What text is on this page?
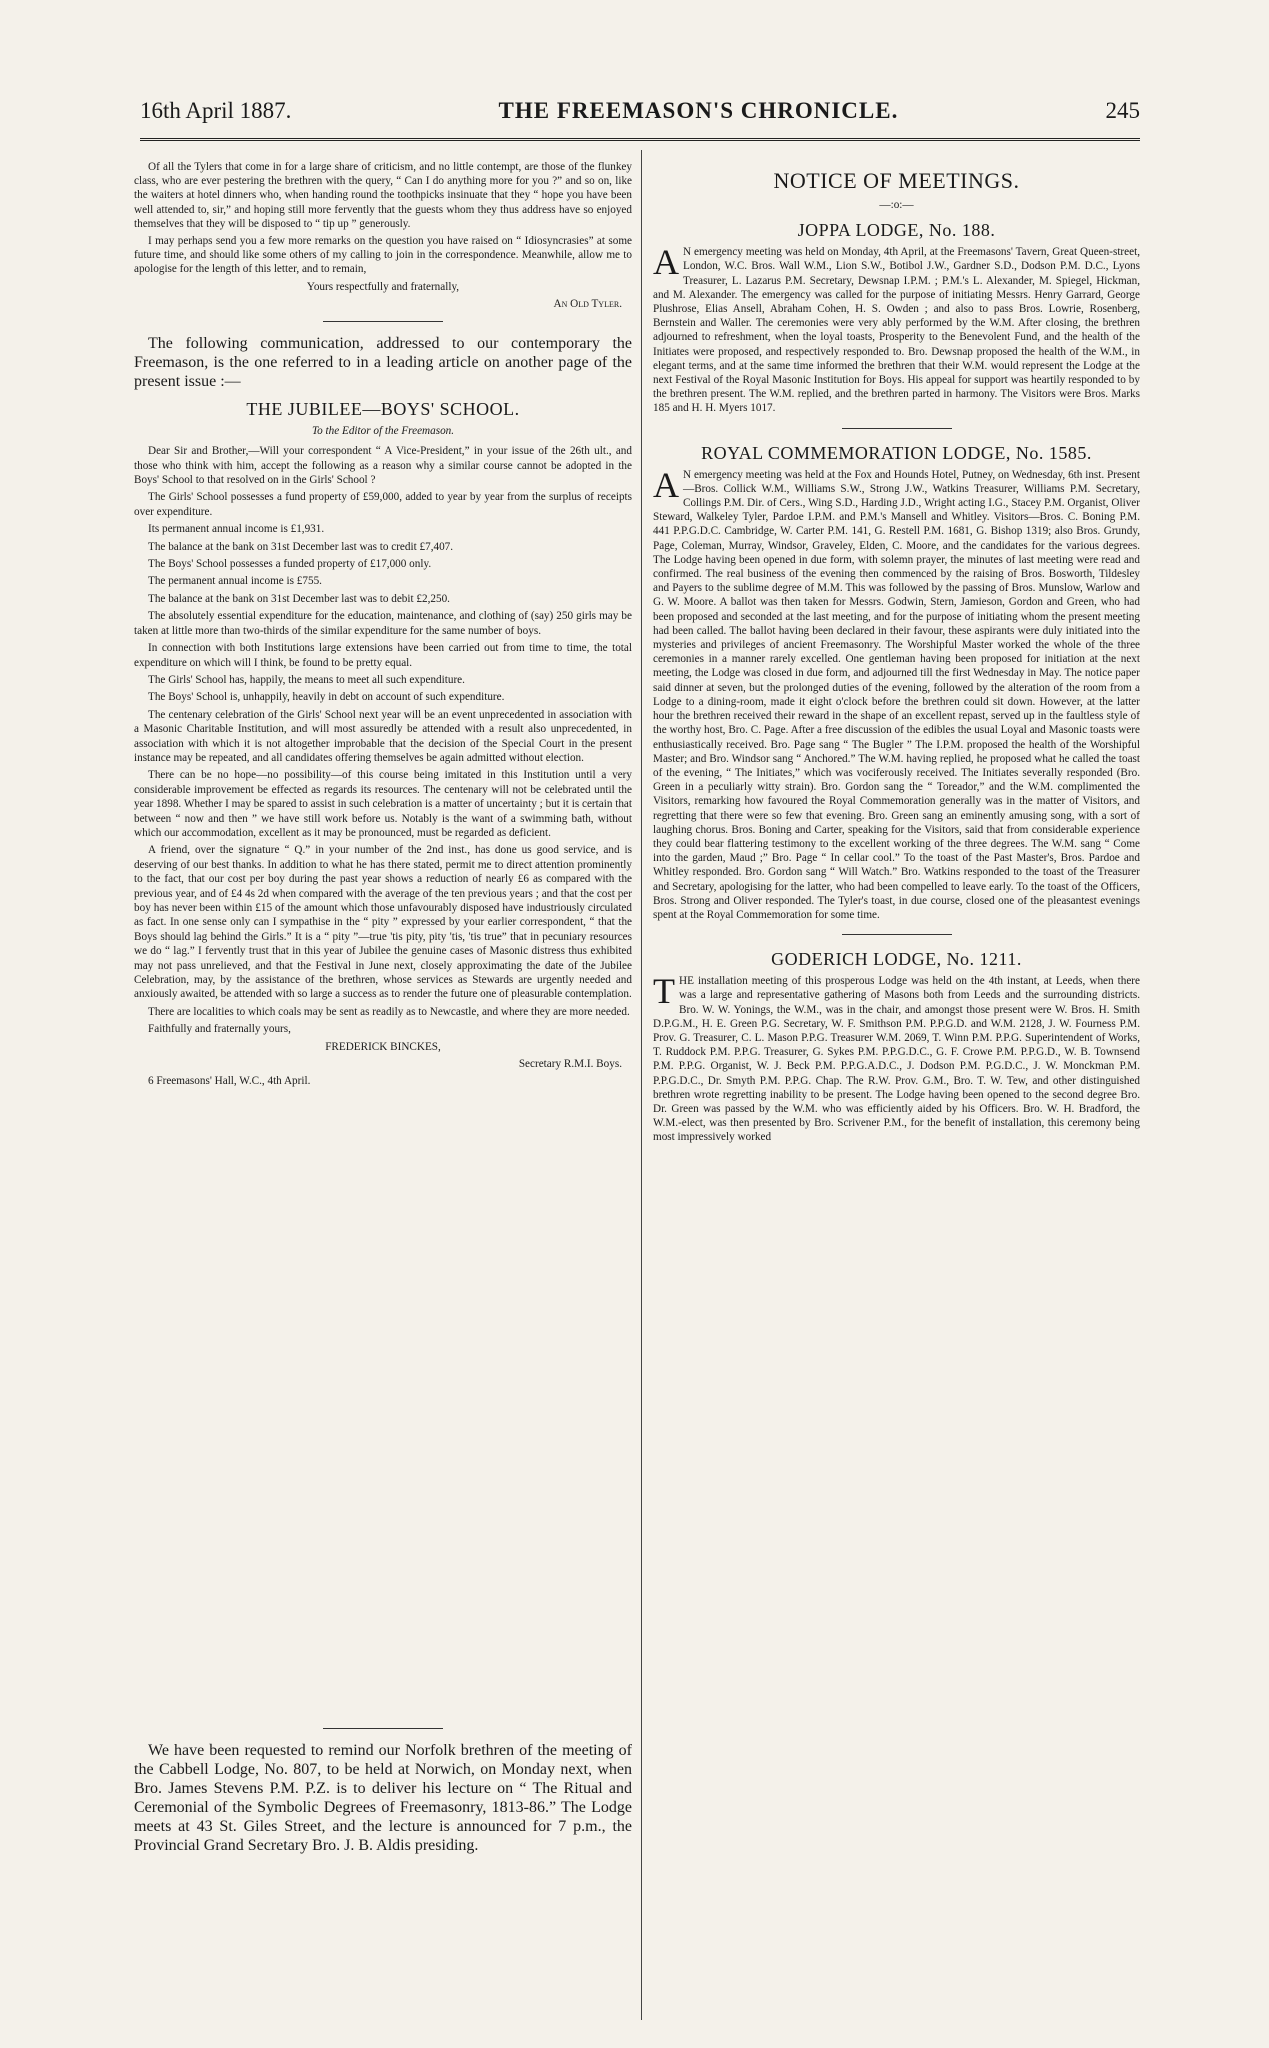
16th April 1887.	THE FREEMASON'S CHRONICLE.	245

Of all the Tylers that come in for a large share of criticism, and no little contempt, are those of the flunkey class, who are ever pestering the brethren with the query, “ Can I do anything more for you ?” and so on, like the waiters at hotel dinners who, when handing round the toothpicks insinuate that they “ hope you have been well attended to, sir,” and hoping still more fervently that the guests whom they thus address have so enjoyed themselves that they will be disposed to “ tip up ” generously.

I may perhaps send you a few more remarks on the question you have raised on “ Idiosyncrasies” at some future time, and should like some others of my calling to join in the correspondence. Meanwhile, allow me to apologise for the length of this letter, and to remain,

Yours respectfully and fraternally,

An Old Tyler.

The following communication, addressed to our contemporary the Freemason, is the one referred to in a leading article on another page of the present issue :—

THE JUBILEE—BOYS' SCHOOL.

To the Editor of the Freemason.

Dear Sir and Brother,—Will your correspondent “ A Vice-President,” in your issue of the 26th ult., and those who think with him, accept the following as a reason why a similar course cannot be adopted in the Boys' School to that resolved on in the Girls' School ?

The Girls' School possesses a fund property of £59,000, added to year by year from the surplus of receipts over expenditure.

Its permanent annual income is £1,931.

The balance at the bank on 31st December last was to credit £7,407.

The Boys' School possesses a funded property of £17,000 only.

The permanent annual income is £755.

The balance at the bank on 31st December last was to debit £2,250.

The absolutely essential expenditure for the education, maintenance, and clothing of (say) 250 girls may be taken at little more than two-thirds of the similar expenditure for the same number of boys.

In connection with both Institutions large extensions have been carried out from time to time, the total expenditure on which will I think, be found to be pretty equal.

The Girls' School has, happily, the means to meet all such expenditure.

The Boys' School is, unhappily, heavily in debt on account of such expenditure.

The centenary celebration of the Girls' School next year will be an event unprecedented in association with a Masonic Charitable Institution, and will most assuredly be attended with a result also unprecedented, in association with which it is not altogether improbable that the decision of the Special Court in the present instance may be repeated, and all candidates offering themselves be again admitted without election.

There can be no hope—no possibility—of this course being imitated in this Institution until a very considerable improvement be effected as regards its resources. The centenary will not be celebrated until the year 1898. Whether I may be spared to assist in such celebration is a matter of uncertainty ; but it is certain that between “ now and then ” we have still work before us. Notably is the want of a swimming bath, without which our accommodation, excellent as it may be pronounced, must be regarded as deficient.

A friend, over the signature “ Q.” in your number of the 2nd inst., has done us good service, and is deserving of our best thanks. In addition to what he has there stated, permit me to direct attention prominently to the fact, that our cost per boy during the past year shows a reduction of nearly £6 as compared with the previous year, and of £4 4s 2d when compared with the average of the ten previous years ; and that the cost per boy has never been within £15 of the amount which those unfavourably disposed have industriously circulated as fact. In one sense only can I sympathise in the “ pity ” expressed by your earlier correspondent, “ that the Boys should lag behind the Girls.” It is a “ pity ”—true 'tis pity, pity 'tis, 'tis true” that in pecuniary resources we do “ lag.” I fervently trust that in this year of Jubilee the genuine cases of Masonic distress thus exhibited may not pass unrelieved, and that the Festival in June next, closely approximating the date of the Jubilee Celebration, may, by the assistance of the brethren, whose services as Stewards are urgently needed and anxiously awaited, be attended with so large a success as to render the future one of pleasurable contemplation.

There are localities to which coals may be sent as readily as to Newcastle, and where they are more needed.

Faithfully and fraternally yours,

FREDERICK BINCKES,

Secretary R.M.I. Boys.

6 Freemasons' Hall, W.C., 4th April.

We have been requested to remind our Norfolk brethren of the meeting of the Cabbell Lodge, No. 807, to be held at Norwich, on Monday next, when Bro. James Stevens P.M. P.Z. is to deliver his lecture on “ The Ritual and Ceremonial of the Symbolic Degrees of Freemasonry, 1813-86.” The Lodge meets at 43 St. Giles Street, and the lecture is announced for 7 p.m., the Provincial Grand Secretary Bro. J. B. Aldis presiding.

NOTICE OF MEETINGS.

—:o:—

JOPPA LODGE, No. 188.

A N emergency meeting was held on Monday, 4th April, at the Freemasons' Tavern, Great Queen-street, London, W.C. Bros. Wall W.M., Lion S.W., Botibol J.W., Gardner S.D., Dodson P.M. D.C., Lyons Treasurer, L. Lazarus P.M. Secretary, Dewsnap I.P.M. ; P.M.'s L. Alexander, M. Spiegel, Hickman, and M. Alexander. The emergency was called for the purpose of initiating Messrs. Henry Garrard, George Plushrose, Elias Ansell, Abraham Cohen, H. S. Owden ; and also to pass Bros. Lowrie, Rosenberg, Bernstein and Waller. The ceremonies were very ably performed by the W.M. After closing, the brethren adjourned to refreshment, when the loyal toasts, Prosperity to the Benevolent Fund, and the health of the Initiates were proposed, and respectively responded to. Bro. Dewsnap proposed the health of the W.M., in elegant terms, and at the same time informed the brethren that their W.M. would represent the Lodge at the next Festival of the Royal Masonic Institution for Boys. His appeal for support was heartily responded to by the brethren present. The W.M. replied, and the brethren parted in harmony. The Visitors were Bros. Marks 185 and H. H. Myers 1017.

ROYAL COMMEMORATION LODGE, No. 1585.

A N emergency meeting was held at the Fox and Hounds Hotel, Putney, on Wednesday, 6th inst. Present—Bros. Collick W.M., Williams S.W., Strong J.W., Watkins Treasurer, Williams P.M. Secretary, Collings P.M. Dir. of Cers., Wing S.D., Harding J.D., Wright acting I.G., Stacey P.M. Organist, Oliver Steward, Walkeley Tyler, Pardoe I.P.M. and P.M.'s Mansell and Whitley. Visitors—Bros. C. Boning P.M. 441 P.P.G.D.C. Cambridge, W. Carter P.M. 141, G. Restell P.M. 1681, G. Bishop 1319; also Bros. Grundy, Page, Coleman, Murray, Windsor, Graveley, Elden, C. Moore, and the candidates for the various degrees. The Lodge having been opened in due form, with solemn prayer, the minutes of last meeting were read and confirmed. The real business of the evening then commenced by the raising of Bros. Bosworth, Tildesley and Payers to the sublime degree of M.M. This was followed by the passing of Bros. Munslow, Warlow and G. W. Moore. A ballot was then taken for Messrs. Godwin, Stern, Jamieson, Gordon and Green, who had been proposed and seconded at the last meeting, and for the purpose of initiating whom the present meeting had been called. The ballot having been declared in their favour, these aspirants were duly initiated into the mysteries and privileges of ancient Freemasonry. The Worshipful Master worked the whole of the three ceremonies in a manner rarely excelled. One gentleman having been proposed for initiation at the next meeting, the Lodge was closed in due form, and adjourned till the first Wednesday in May. The notice paper said dinner at seven, but the prolonged duties of the evening, followed by the alteration of the room from a Lodge to a dining-room, made it eight o'clock before the brethren could sit down. However, at the latter hour the brethren received their reward in the shape of an excellent repast, served up in the faultless style of the worthy host, Bro. C. Page. After a free discussion of the edibles the usual Loyal and Masonic toasts were enthusiastically received. Bro. Page sang “ The Bugler ” The I.P.M. proposed the health of the Worshipful Master; and Bro. Windsor sang “ Anchored.” The W.M. having replied, he proposed what he called the toast of the evening, “ The Initiates,” which was vociferously received. The Initiates severally responded (Bro. Green in a peculiarly witty strain). Bro. Gordon sang the “ Toreador,” and the W.M. complimented the Visitors, remarking how favoured the Royal Commemoration generally was in the matter of Visitors, and regretting that there were so few that evening. Bro. Green sang an eminently amusing song, with a sort of laughing chorus. Bros. Boning and Carter, speaking for the Visitors, said that from considerable experience they could bear flattering testimony to the excellent working of the three degrees. The W.M. sang “ Come into the garden, Maud ;” Bro. Page “ In cellar cool.” To the toast of the Past Master's, Bros. Pardoe and Whitley responded. Bro. Gordon sang “ Will Watch.” Bro. Watkins responded to the toast of the Treasurer and Secretary, apologising for the latter, who had been compelled to leave early. To the toast of the Officers, Bros. Strong and Oliver responded. The Tyler's toast, in due course, closed one of the pleasantest evenings spent at the Royal Commemoration for some time.

GODERICH LODGE, No. 1211.

T HE installation meeting of this prosperous Lodge was held on the 4th instant, at Leeds, when there was a large and representative gathering of Masons both from Leeds and the surrounding districts. Bro. W. W. Yonings, the W.M., was in the chair, and amongst those present were W. Bros. H. Smith D.P.G.M., H. E. Green P.G. Secretary, W. F. Smithson P.M. P.P.G.D. and W.M. 2128, J. W. Fourness P.M. Prov. G. Treasurer, C. L. Mason P.P.G. Treasurer W.M. 2069, T. Winn P.M. P.P.G. Superintendent of Works, T. Ruddock P.M. P.P.G. Treasurer, G. Sykes P.M. P.P.G.D.C., G. F. Crowe P.M. P.P.G.D., W. B. Townsend P.M. P.P.G. Organist, W. J. Beck P.M. P.P.G.A.D.C., J. Dodson P.M. P.G.D.C., J. W. Monckman P.M. P.P.G.D.C., Dr. Smyth P.M. P.P.G. Chap. The R.W. Prov. G.M., Bro. T. W. Tew, and other distinguished brethren wrote regretting inability to be present. The Lodge having been opened to the second degree Bro. Dr. Green was passed by the W.M. who was efficiently aided by his Officers. Bro. W. H. Bradford, the W.M.-elect, was then presented by Bro. Scrivener P.M., for the benefit of installation, this ceremony being most impressively worked
